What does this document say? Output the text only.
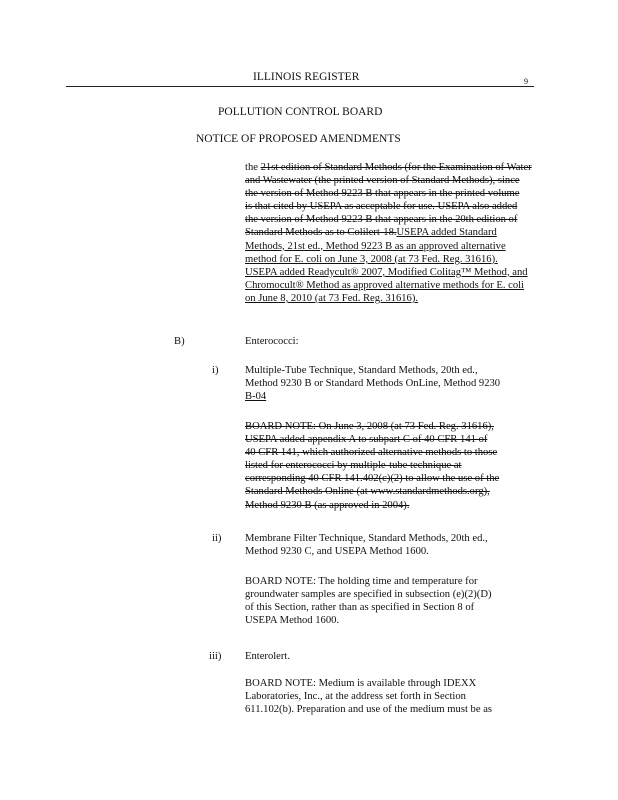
ILLINOIS REGISTER	9
POLLUTION CONTROL BOARD
NOTICE OF PROPOSED AMENDMENTS
the 21st edition of Standard Methods (for the Examination of Water
and Wastewater (the printed version of Standard Methods), since
the version of Method 9223 B that appears in the printed volume
is that cited by USEPA as acceptable for use. USEPA also added
the version of Method 9223 B that appears in the 20th edition of
Standard Methods as to Colilert-18.USEPA added Standard
Methods, 21st ed., Method 9223 B as an approved alternative
method for E. coli on June 3, 2008 (at 73 Fed. Reg. 31616).
USEPA added Readycult® 2007, Modified Colitag™ Method, and
Chromocult® Method as approved alternative methods for E. coli
on June 8, 2010 (at 73 Fed. Reg. 31616).
B)	Enterococci:
i)	Multiple-Tube Technique, Standard Methods, 20th ed.,
Method 9230 B or Standard Methods OnLine, Method 9230
B-04
BOARD NOTE: On June 3, 2008 (at 73 Fed. Reg. 31616),
USEPA added appendix A to subpart C of 40 CFR 141 of
40 CFR 141, which authorized alternative methods to those
listed for enterococci by multiple-tube technique at
corresponding 40 CFR 141.402(c)(2) to allow the use of the
Standard Methods Online (at www.standardmethods.org),
Method 9230 B (as approved in 2004).
ii) Membrane Filter Technique, Standard Methods, 20th ed.,
Method 9230 C, and USEPA Method 1600.
BOARD NOTE: The holding time and temperature for
groundwater samples are specified in subsection (e)(2)(D)
of this Section, rather than as specified in Section 8 of
USEPA Method 1600.
iii) Enterolert.
BOARD NOTE: Medium is available through IDEXX
Laboratories, Inc., at the address set forth in Section
611.102(b). Preparation and use of the medium must be as
